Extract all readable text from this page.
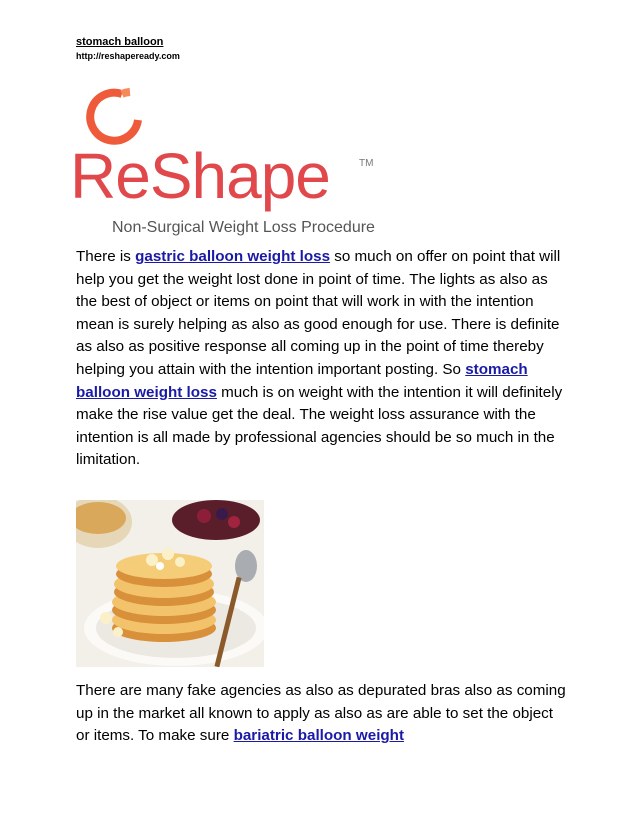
stomach balloon
http://reshapeready.com
ReShape	TM
Non-Surgical Weight Loss Procedure

There is gastric balloon weight loss so much on offer on point that will help you get the weight lost done in point of time. The lights as also as the best of object or items on point that will work in with the intention mean is surely helping as also as good enough for use. There is definite as also as positive response all coming up in the point of time thereby helping you attain with the intention important posting. So stomach balloon weight loss much is on weight with the intention it will definitely make the rise value get the deal. The weight loss assurance with the intention is all made by professional agencies should be so much in the limitation.

There are many fake agencies as also as depurated bras also as coming up in the market all known to apply as also as are able to set the object or items. To make sure bariatric balloon weight
